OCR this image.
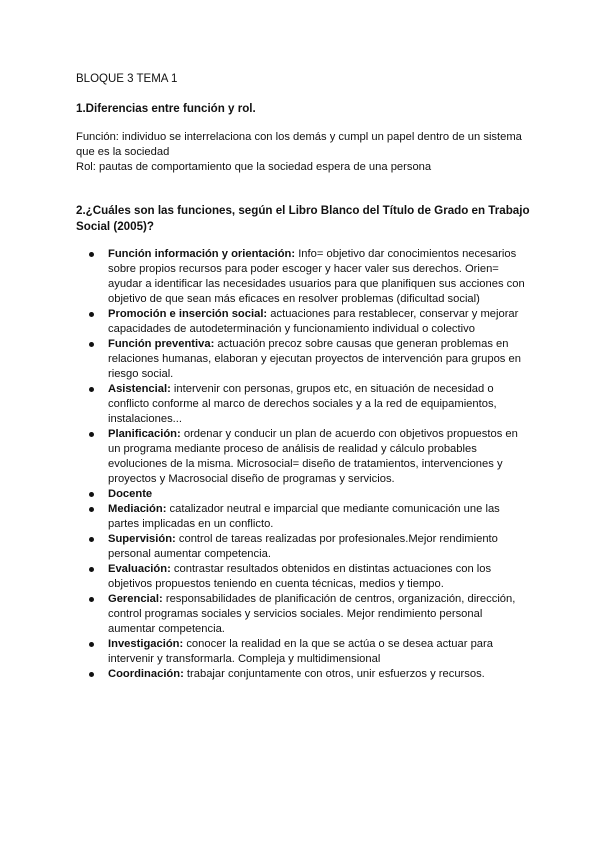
BLOQUE 3 TEMA 1
1.Diferencias entre función y rol.

Función: individuo se interrelaciona con los demás y cumpl un papel dentro de un sistema que es la sociedad

Rol: pautas de comportamiento que la sociedad espera de una persona

2.¿Cuáles son las funciones, según el Libro Blanco del Título de Grado en Trabajo Social (2005)?
Función información y orientación: Info= objetivo dar conocimientos necesarios sobre propios recursos para poder escoger y hacer valer sus derechos. Orien= ayudar a identificar las necesidades usuarios para que planifiquen sus acciones con objetivo de que sean más eficaces en resolver problemas (dificultad social)
Promoción e inserción social: actuaciones para restablecer, conservar y mejorar capacidades de autodeterminación y funcionamiento individual o colectivo
Función preventiva: actuación precoz sobre causas que generan problemas en relaciones humanas, elaboran y ejecutan proyectos de intervención para grupos en riesgo social.
Asistencial: intervenir con personas, grupos etc, en situación de necesidad o conflicto conforme al marco de derechos sociales y a la red de equipamientos, instalaciones...
Planificación: ordenar y conducir un plan de acuerdo con objetivos propuestos en un programa mediante proceso de análisis de realidad y cálculo probables evoluciones de la misma. Microsocial= diseño de tratamientos, intervenciones y proyectos y Macrosocial diseño de programas y servicios.
Docente
Mediación: catalizador neutral e imparcial que mediante comunicación une las partes implicadas en un conflicto.
Supervisión: control de tareas realizadas por profesionales.Mejor rendimiento personal aumentar competencia.
Evaluación: contrastar resultados obtenidos en distintas actuaciones con los objetivos propuestos teniendo en cuenta técnicas, medios y tiempo.
Gerencial: responsabilidades de planificación de centros, organización, dirección, control programas sociales y servicios sociales. Mejor rendimiento personal aumentar competencia.
Investigación: conocer la realidad en la que se actúa o se desea actuar para intervenir y transformarla. Compleja y multidimensional
Coordinación: trabajar conjuntamente con otros, unir esfuerzos y recursos.
